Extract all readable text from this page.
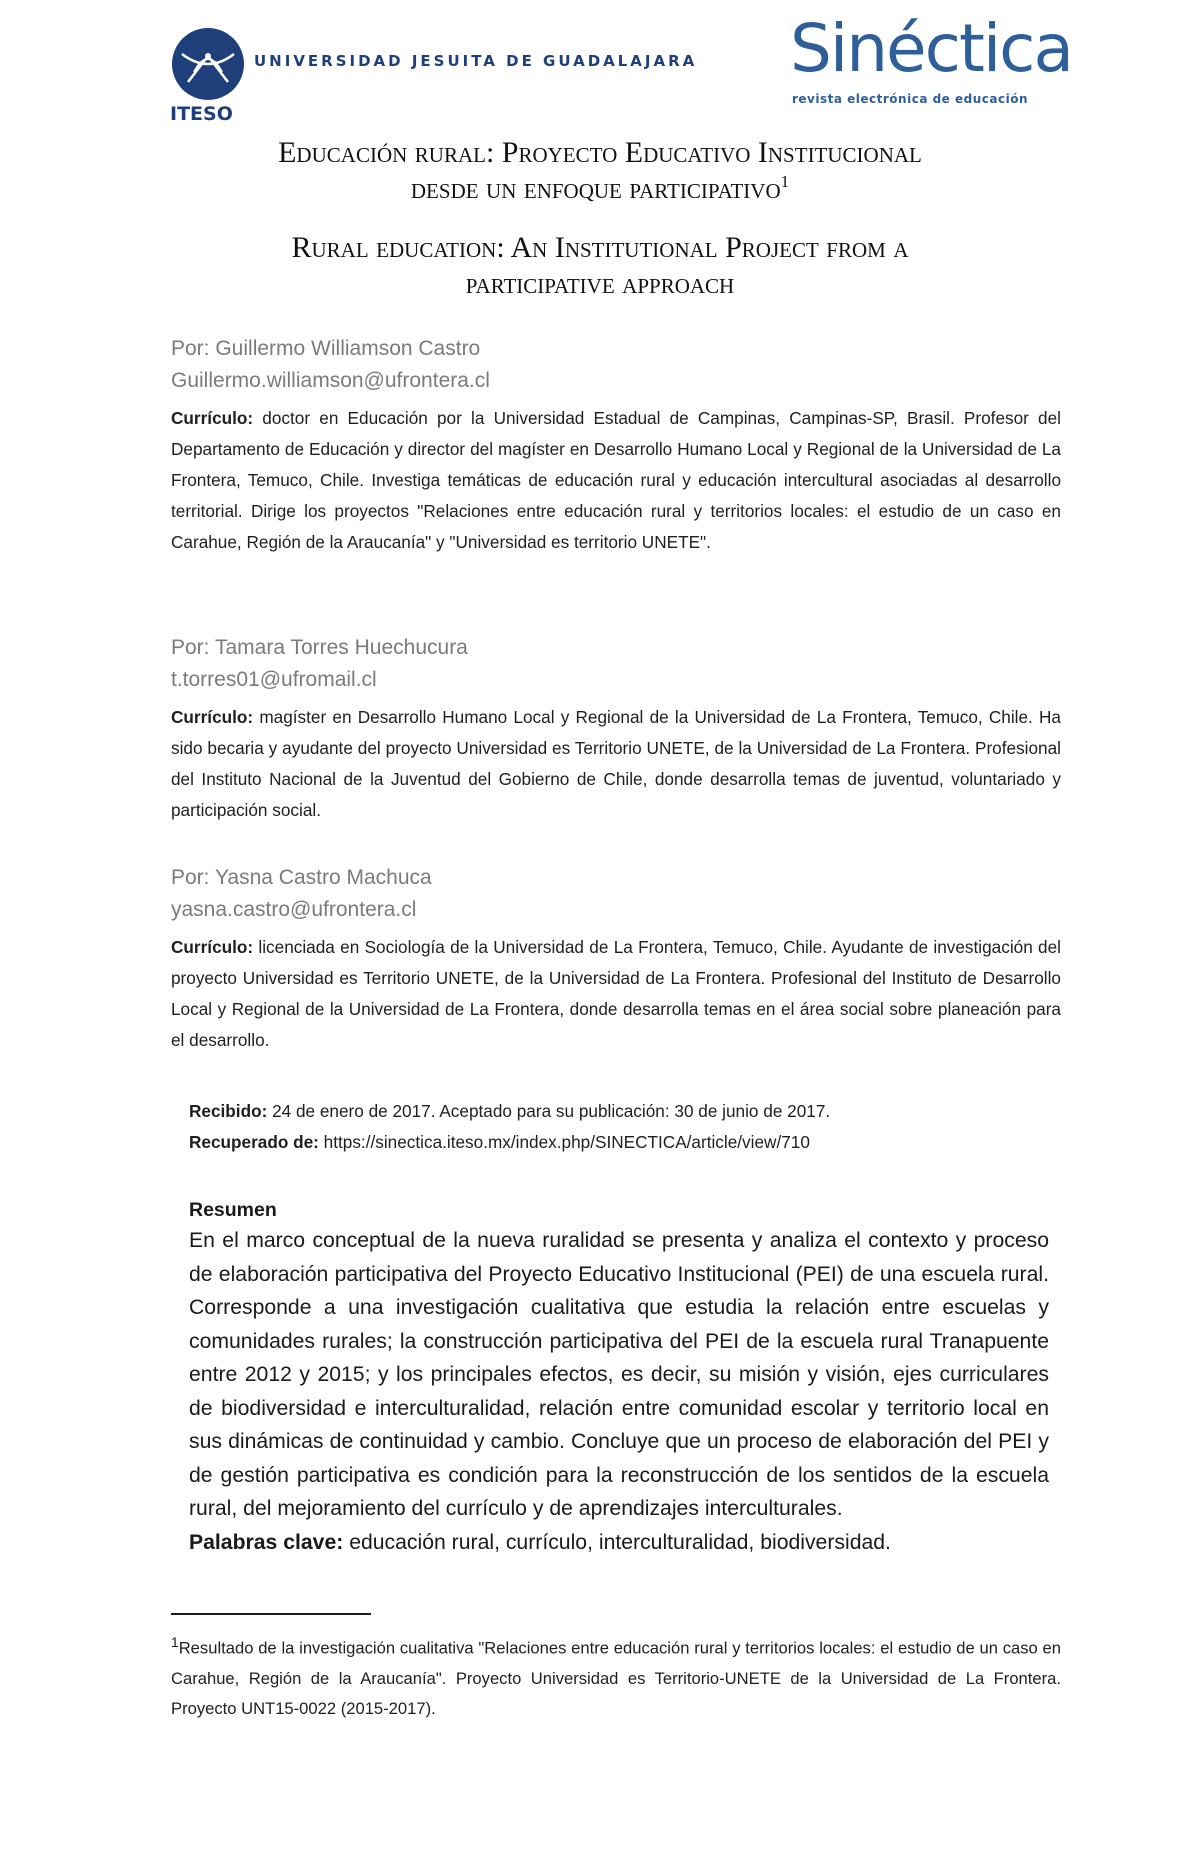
ITESO
UNIVERSIDAD JESUITA DE GUADALAJARA Sinéctica
revista electrónica de educación
Educación rural: Proyecto Educativo Institucional
desde un enfoque participativo$^1$
Rural education: An Institutional Project from a
participative approach
Por: Guillermo Williamson Castro
Guillermo.williamson@ufrontera.cl
Currículo: doctor en Educación por la Universidad Estadual de Campinas, Campinas-SP, Brasil. Profesor del Departamento de Educación y director del magíster en Desarrollo Humano Local y Regional de la Universidad de La Frontera, Temuco, Chile. Investiga temáticas de educación rural y educación intercultural asociadas al desarrollo territorial. Dirige los proyectos "Relaciones entre educación rural y territorios locales: el estudio de un caso en Carahue, Región de la Araucanía" y "Universidad es territorio UNETE".
Por: Tamara Torres Huechucura
t.torres01@ufromail.cl
Currículo: magíster en Desarrollo Humano Local y Regional de la Universidad de La Frontera, Temuco, Chile. Ha sido becaria y ayudante del proyecto Universidad es Territorio UNETE, de la Universidad de La Frontera. Profesional del Instituto Nacional de la Juventud del Gobierno de Chile, donde desarrolla temas de juventud, voluntariado y participación social.
Por: Yasna Castro Machuca
yasna.castro@ufrontera.cl
Currículo: licenciada en Sociología de la Universidad de La Frontera, Temuco, Chile. Ayudante de investigación del proyecto Universidad es Territorio UNETE, de la Universidad de La Frontera. Profesional del Instituto de Desarrollo Local y Regional de la Universidad de La Frontera, donde desarrolla temas en el área social sobre planeación para el desarrollo.
Recibido: 24 de enero de 2017. Aceptado para su publicación: 30 de junio de 2017.
Recuperado de: https://sinectica.iteso.mx/index.php/SINECTICA/article/view/710
Resumen
En el marco conceptual de la nueva ruralidad se presenta y analiza el contexto y proceso de elaboración participativa del Proyecto Educativo Institucional (PEI) de una escuela rural. Corresponde a una investigación cualitativa que estudia la relación entre escuelas y comunidades rurales; la construcción participativa del PEI de la escuela rural Tranapuente entre 2012 y 2015; y los principales efectos, es decir, su misión y visión, ejes curriculares de biodiversidad e interculturalidad, relación entre comunidad escolar y territorio local en sus dinámicas de continuidad y cambio. Concluye que un proceso de elaboración del PEI y de gestión participativa es condición para la reconstrucción de los sentidos de la escuela rural, del mejoramiento del currículo y de aprendizajes interculturales.
Palabras clave: educación rural, currículo, interculturalidad, biodiversidad.
$^1$Resultado de la investigación cualitativa "Relaciones entre educación rural y territorios locales: el estudio de un caso en Carahue, Región de la Araucanía". Proyecto Universidad es Territorio-UNETE de la Universidad de La Frontera. Proyecto UNT15-0022 (2015-2017).
